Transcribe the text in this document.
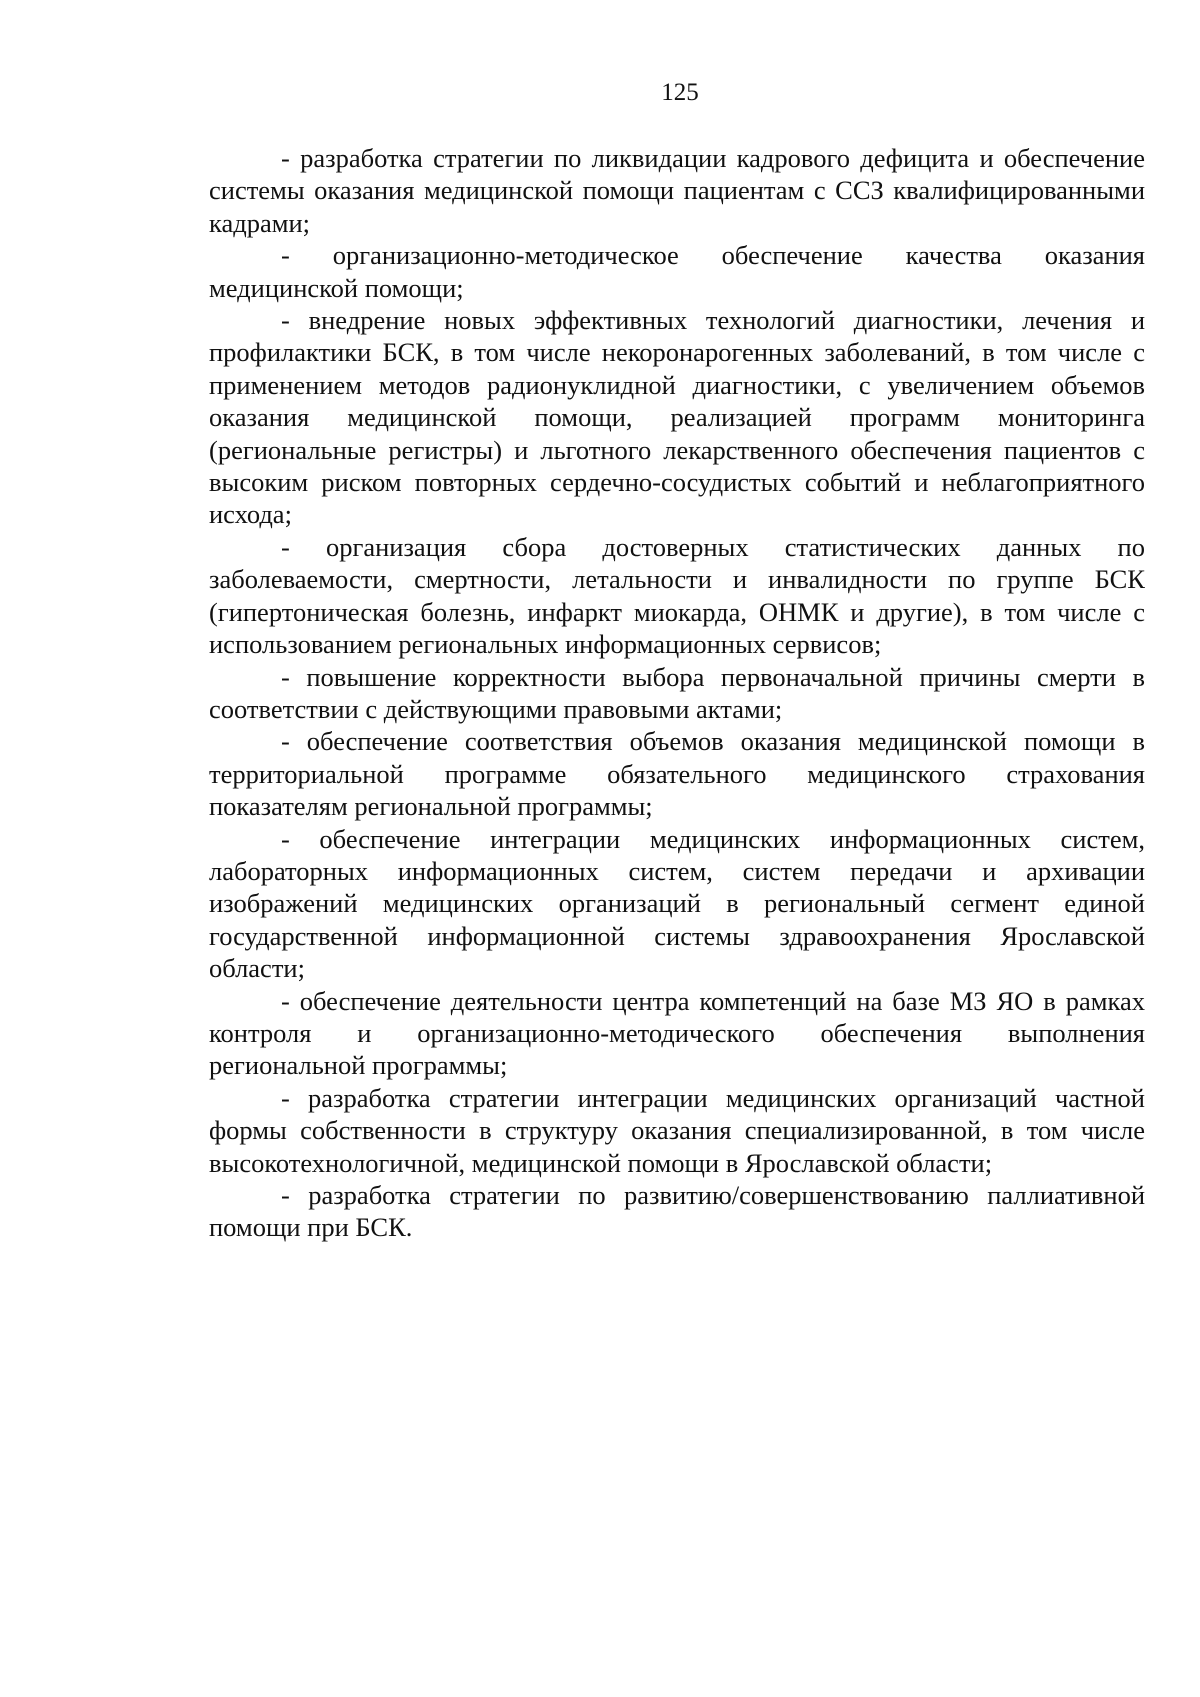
125

- разработка стратегии по ликвидации кадрового дефицита и обеспечение системы оказания медицинской помощи пациентам с ССЗ квалифицированными кадрами;

- организационно-методическое обеспечение качества оказания медицинской помощи;

- внедрение новых эффективных технологий диагностики, лечения и профилактики БСК, в том числе некоронарогенных заболеваний, в том числе с применением методов радионуклидной диагностики, с увеличением объемов оказания медицинской помощи, реализацией программ мониторинга (региональные регистры) и льготного лекарственного обеспечения пациентов с высоким риском повторных сердечно-сосудистых событий и неблагоприятного исхода;

- организация сбора достоверных статистических данных по заболеваемости, смертности, летальности и инвалидности по группе БСК (гипертоническая болезнь, инфаркт миокарда, ОНМК и другие), в том числе с использованием региональных информационных сервисов;

- повышение корректности выбора первоначальной причины смерти в соответствии с действующими правовыми актами;

- обеспечение соответствия объемов оказания медицинской помощи в территориальной программе обязательного медицинского страхования показателям региональной программы;

- обеспечение интеграции медицинских информационных систем, лабораторных информационных систем, систем передачи и архивации изображений медицинских организаций в региональный сегмент единой государственной информационной системы здравоохранения Ярославской области;

- обеспечение деятельности центра компетенций на базе МЗ ЯО в рамках контроля и организационно-методического обеспечения выполнения региональной программы;

- разработка стратегии интеграции медицинских организаций частной формы собственности в структуру оказания специализированной, в том числе высокотехнологичной, медицинской помощи в Ярославской области;

- разработка стратегии по развитию/совершенствованию паллиативной помощи при БСК.
